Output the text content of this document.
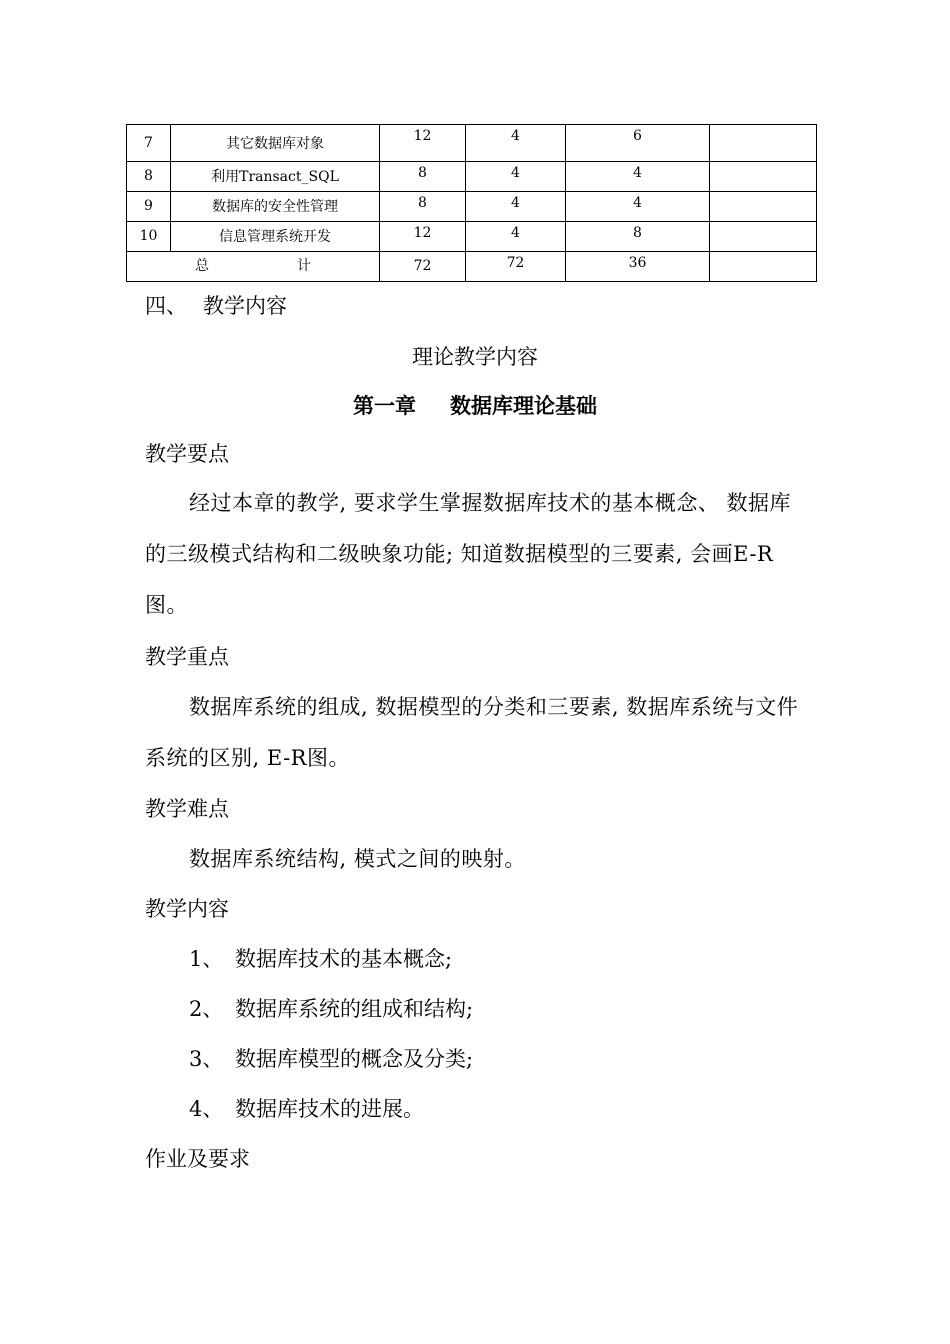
7	其它数据库对象	12	4	6	
8	利用Transact_SQL	8	4	4	
9	数据库的安全性管理	8	4	4	
10	信息管理系统开发	12	4	8	
总 计		72	72	36	
四、 教学内容
理论教学内容
第一章 数据库理论基础
教学要点
经过本章的教学, 要求学生掌握数据库技术的基本概念、 数据库的三级模式结构和二级映象功能; 知道数据模型的三要素, 会画E-R图。
教学重点
数据库系统的组成, 数据模型的分类和三要素, 数据库系统与文件系统的区别, E-R图。
教学难点
数据库系统结构, 模式之间的映射。
教学内容
1、 数据库技术的基本概念;
2、 数据库系统的组成和结构;
3、 数据库模型的概念及分类;
4、 数据库技术的进展。
作业及要求
